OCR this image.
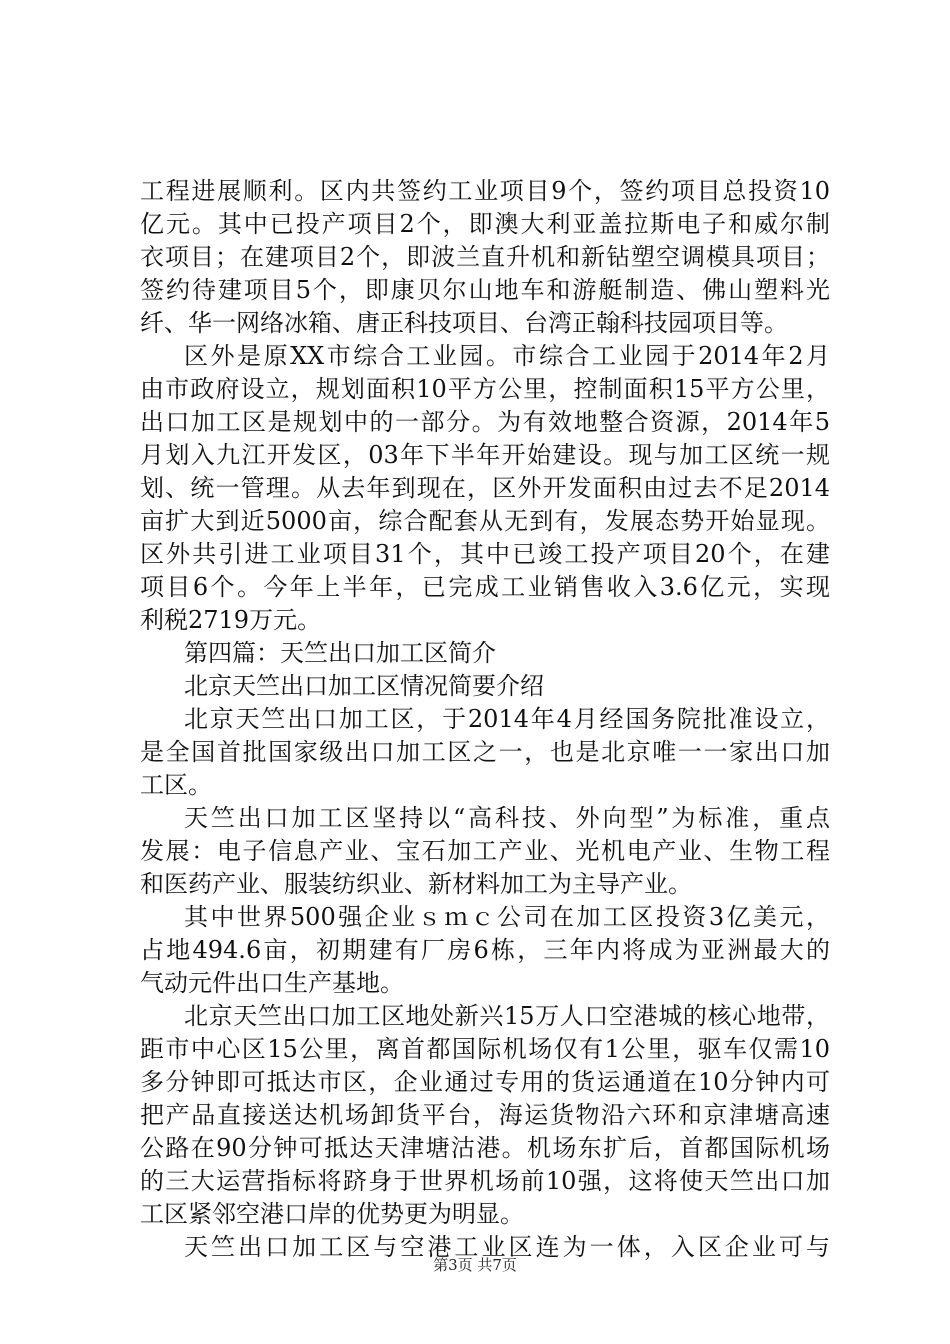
工程进展顺利。区内共签约工业项目9个，签约项目总投资10
亿元。其中已投产项目2个，即澳大利亚盖拉斯电子和威尔制
衣项目；在建项目2个，即波兰直升机和新钻塑空调模具项目；
签约待建项目5个，即康贝尔山地车和游艇制造、佛山塑料光
纤、华一网络冰箱、唐正科技项目、台湾正翰科技园项目等。
区外是原XX市综合工业园。市综合工业园于2014年2月
由市政府设立，规划面积10平方公里，控制面积15平方公里，
出口加工区是规划中的一部分。为有效地整合资源，2014年5
月划入九江开发区，03年下半年开始建设。现与加工区统一规
划、统一管理。从去年到现在，区外开发面积由过去不足2014
亩扩大到近5000亩，综合配套从无到有，发展态势开始显现。
区外共引进工业项目31个，其中已竣工投产项目20个，在建
项目6个。今年上半年，已完成工业销售收入3.6亿元，实现
利税2719万元。
第四篇：天竺出口加工区简介
北京天竺出口加工区情况简要介绍
北京天竺出口加工区，于2014年4月经国务院批准设立，
是全国首批国家级出口加工区之一，也是北京唯一一家出口加
工区。
天竺出口加工区坚持以“高科技、外向型”为标准，重点
发展：电子信息产业、宝石加工产业、光机电产业、生物工程
和医药产业、服装纺织业、新材料加工为主导产业。
其中世界500强企业ｓｍｃ公司在加工区投资3亿美元，
占地494.6亩，初期建有厂房6栋，三年内将成为亚洲最大的
气动元件出口生产基地。
北京天竺出口加工区地处新兴15万人口空港城的核心地带，
距市中心区15公里，离首都国际机场仅有1公里，驱车仅需10
多分钟即可抵达市区，企业通过专用的货运通道在10分钟内可
把产品直接送达机场卸货平台，海运货物沿六环和京津塘高速
公路在90分钟可抵达天津塘沽港。机场东扩后，首都国际机场
的三大运营指标将跻身于世界机场前10强，这将使天竺出口加
工区紧邻空港口岸的优势更为明显。
天竺出口加工区与空港工业区连为一体，入区企业可与
第3页 共7页
